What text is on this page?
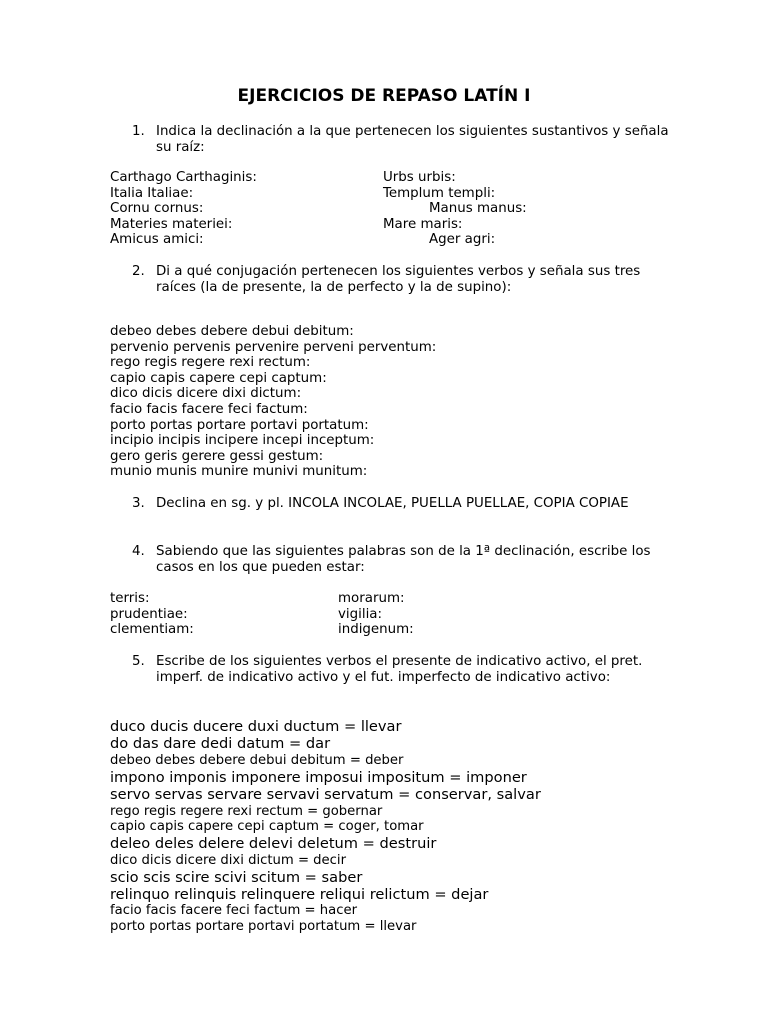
EJERCICIOS DE REPASO LATÍN I
1. Indica la declinación a la que pertenecen los siguientes sustantivos y señala su raíz:
Carthago Carthaginis:
Italia Italiae:
Cornu cornus:
Materies materiei:
Amicus amici:
Urbs urbis:
Templum templi:
Manus manus:
Mare maris:
Ager agri:
2. Di a qué conjugación pertenecen los siguientes verbos y señala sus tres raíces (la de presente, la de perfecto y la de supino):
debeo debes debere debui debitum:
pervenio pervenis pervenire perveni perventum:
rego regis regere rexi rectum:
capio capis capere cepi captum:
dico dicis dicere dixi dictum:
facio facis facere feci factum:
porto portas portare portavi portatum:
incipio incipis incipere incepi inceptum:
gero geris gerere gessi gestum:
munio munis munire munivi munitum:
3. Declina en sg. y pl. INCOLA INCOLAE, PUELLA PUELLAE, COPIA COPIAE
4. Sabiendo que las siguientes palabras son de la 1ª declinación, escribe los casos en los que pueden estar:
terris:
prudentiae:
clementiam:
morarum:
vigilia:
indigenum:
5. Escribe de los siguientes verbos el presente de indicativo activo, el pret. imperf. de indicativo activo y el fut. imperfecto de indicativo activo:
duco ducis ducere duxi ductum = llevar
do das dare dedi datum = dar
debeo debes debere debui debitum = deber
impono imponis imponere imposui impositum = imponer
servo servas servare servavi servatum = conservar, salvar
rego regis regere rexi rectum = gobernar
capio capis capere cepi captum = coger, tomar
deleo deles delere delevi deletum = destruir
dico dicis dicere dixi dictum = decir
scio scis scire scivi scitum = saber
relinquo relinquis relinquere reliqui relictum = dejar
facio facis facere feci factum = hacer
porto portas portare portavi portatum = llevar
